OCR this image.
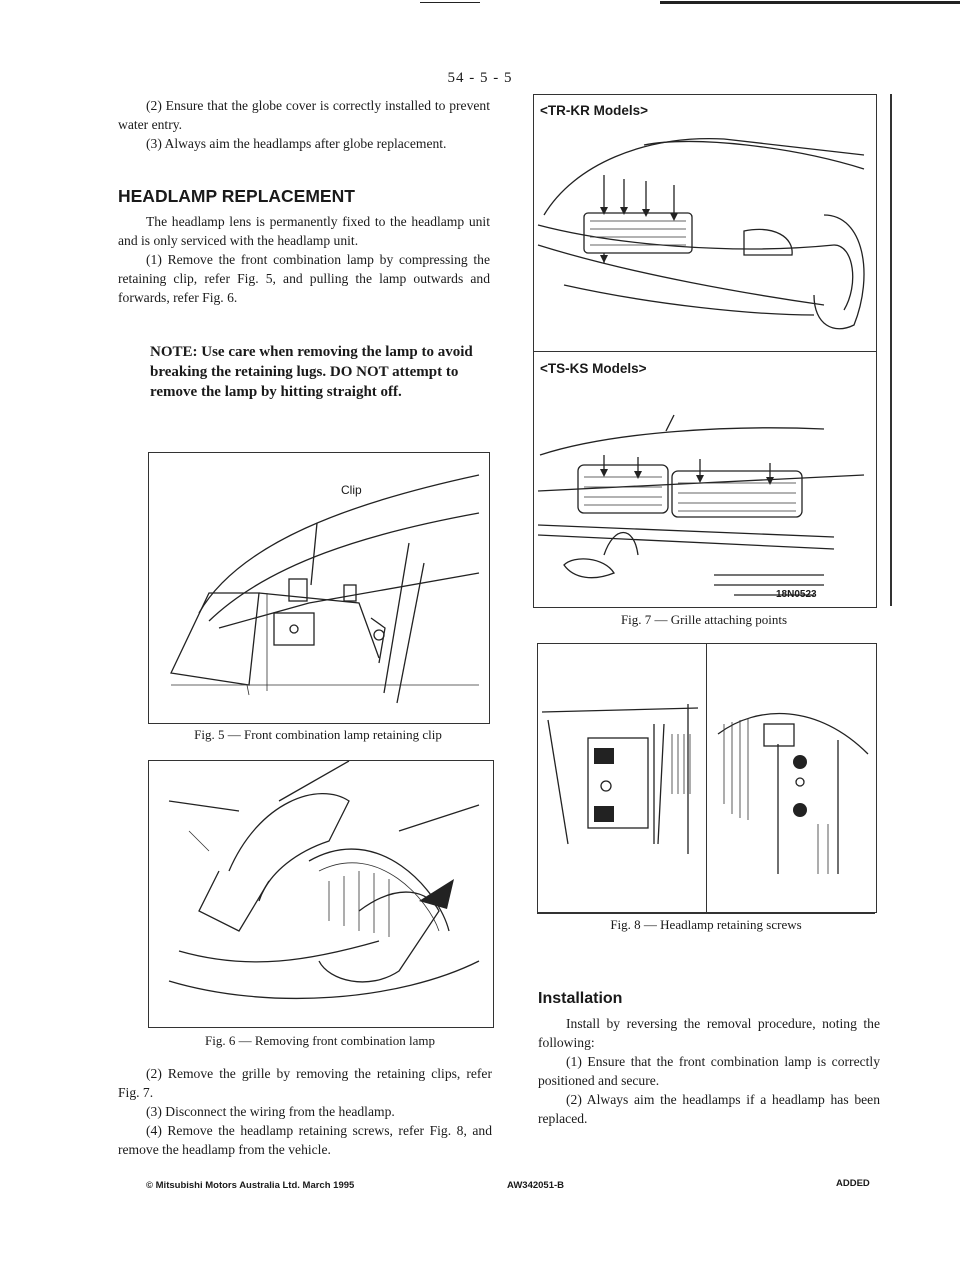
54 - 5 - 5

(2) Ensure that the globe cover is correctly installed to prevent water entry.

(3) Always aim the headlamps after globe replacement.

HEADLAMP REPLACEMENT

The headlamp lens is permanently fixed to the headlamp unit and is only serviced with the headlamp unit.

(1) Remove the front combination lamp by compressing the retaining clip, refer Fig. 5, and pulling the lamp outwards and forwards, refer Fig. 6.

NOTE: Use care when removing the lamp to avoid breaking the retaining lugs. DO NOT attempt to remove the lamp by hitting straight off.
Clip
Fig. 5 — Front combination lamp retaining clip
Fig. 6 — Removing front combination lamp

(2) Remove the grille by removing the retaining clips, refer Fig. 7.

(3) Disconnect the wiring from the headlamp.

(4) Remove the headlamp retaining screws, refer Fig. 8, and remove the headlamp from the vehicle.

<TR-KR Models>
<TS-KS Models>
18N0523
Fig. 7 — Grille attaching points
Fig. 8 — Headlamp retaining screws
Installation

Install by reversing the removal procedure, noting the following:

(1) Ensure that the front combination lamp is correctly positioned and secure.

(2) Always aim the headlamps if a headlamp has been replaced.

© Mitsubishi Motors Australia Ltd. March 1995	AW342051-B	ADDED
